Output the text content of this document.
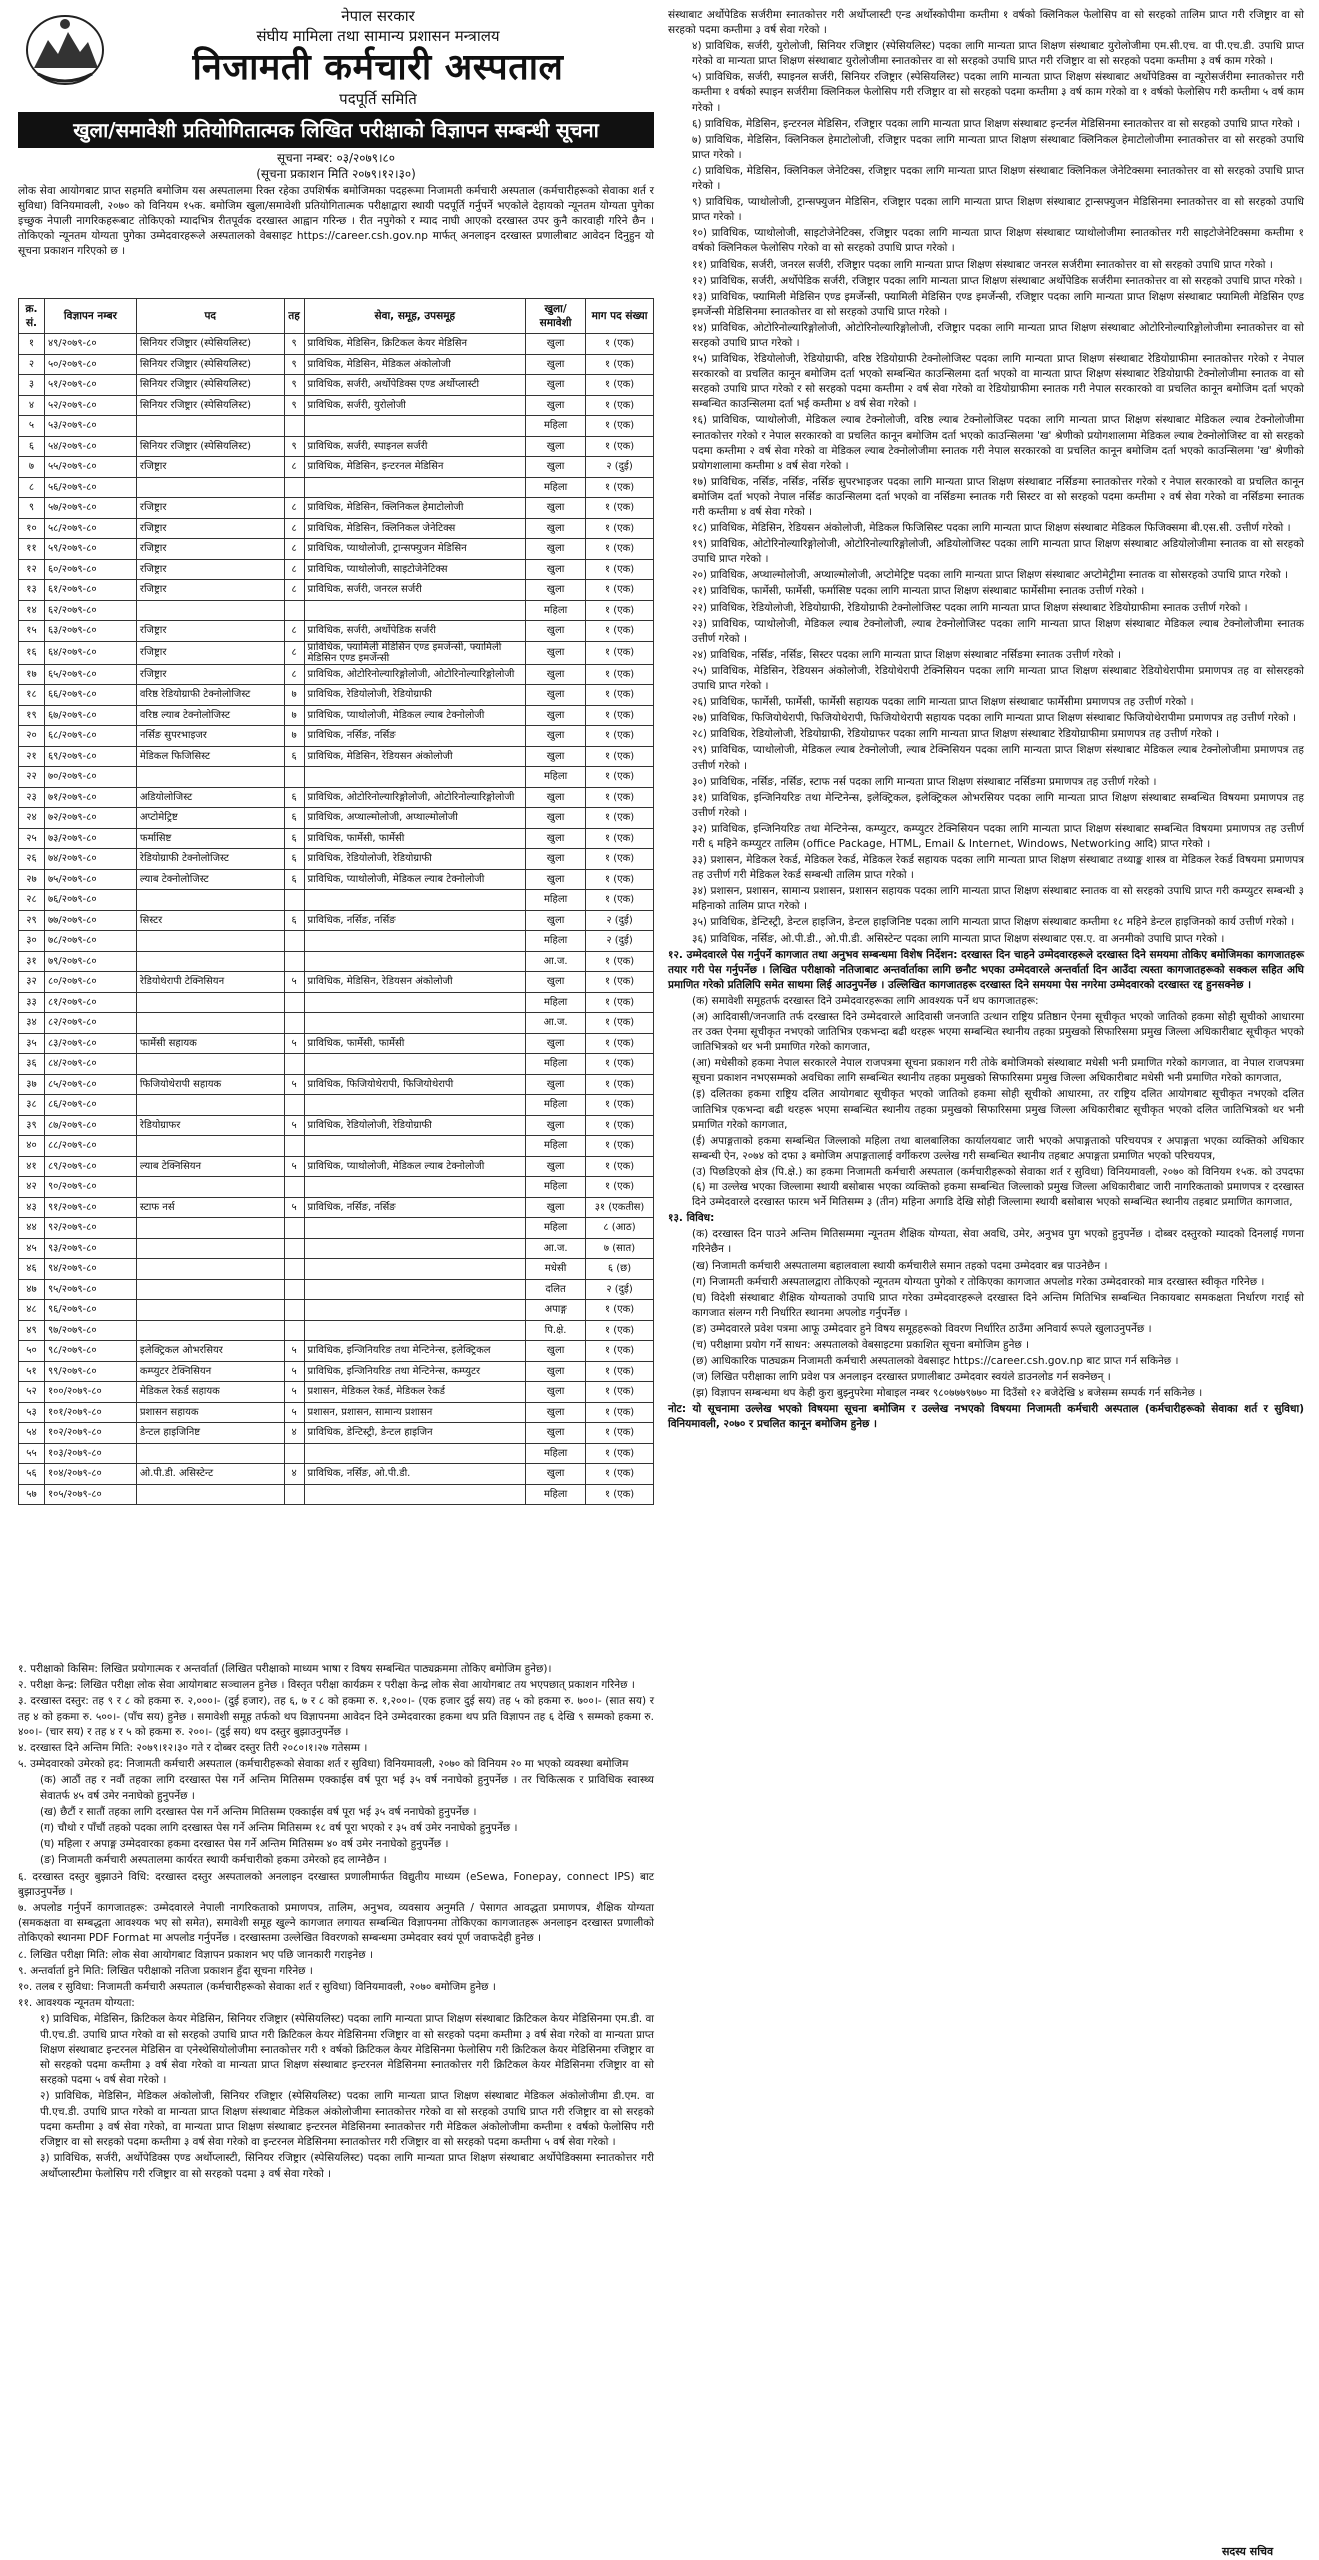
नेपाल सरकार
संघीय मामिला तथा सामान्य प्रशासन मन्त्रालय
निजामती कर्मचारी अस्पताल
पदपूर्ति समिति
खुला/समावेशी प्रतियोगितात्मक लिखित परीक्षाको विज्ञापन सम्बन्धी सूचना
सूचना नम्बर: ०३/२०७९।८०
(सूचना प्रकाशन मिति २०७९।१२।३०)

लोक सेवा आयोगबाट प्राप्त सहमति बमोजिम यस अस्पतालमा रिक्त रहेका उपशिर्षक बमोजिमका पदहरूमा निजामती कर्मचारी अस्पताल (कर्मचारीहरूको सेवाका शर्त र सुविधा) विनियमावली, २०७० को विनियम १५क. बमोजिम खुला/समावेशी प्रतियोगितात्मक परीक्षाद्वारा स्थायी पदपूर्ति गर्नुपर्ने भएकोले देहायको न्यूनतम योग्यता पुगेका इच्छुक नेपाली नागरिकहरूबाट तोकिएको म्यादभित्र रीतपूर्वक दरखास्त आह्वान गरिन्छ । रीत नपुगेको र म्याद नाघी आएको दरखास्त उपर कुनै कारवाही गरिने छैन । तोकिएको न्यूनतम योग्यता पुगेका उम्मेदवारहरूले अस्पतालको वेबसाइट https://career.csh.gov.np मार्फत् अनलाइन दरखास्त प्रणालीबाट आवेदन दिनुहुन यो सूचना प्रकाशन गरिएको छ ।

क्र. सं.	विज्ञापन नम्बर	पद	तह	सेवा, समूह, उपसमूह	खुला/ समावेशी	माग पद संख्या
१	४९/२०७९-८०	सिनियर रजिष्ट्रार (स्पेसियलिस्ट)	९	प्राविधिक, मेडिसिन, क्रिटिकल केयर मेडिसिन	खुला	१ (एक)
२	५०/२०७९-८०	सिनियर रजिष्ट्रार (स्पेसियलिस्ट)	९	प्राविधिक, मेडिसिन, मेडिकल अंकोलोजी	खुला	१ (एक)
३	५१/२०७९-८०	सिनियर रजिष्ट्रार (स्पेसियलिस्ट)	९	प्राविधिक, सर्जरी, अर्थोपेडिक्स एण्ड अर्थोप्लास्टी	खुला	१ (एक)
४	५२/२०७९-८०	सिनियर रजिष्ट्रार (स्पेसियलिस्ट)	९	प्राविधिक, सर्जरी, युरोलोजी	खुला	१ (एक)
५	५३/२०७९-८०				महिला	१ (एक)
६	५४/२०७९-८०	सिनियर रजिष्ट्रार (स्पेसियलिस्ट)	९	प्राविधिक, सर्जरी, स्पाइनल सर्जरी	खुला	१ (एक)
७	५५/२०७९-८०	रजिष्ट्रार	८	प्राविधिक, मेडिसिन, इन्टरनल मेडिसिन	खुला	२ (दुई)
८	५६/२०७९-८०				महिला	१ (एक)
९	५७/२०७९-८०	रजिष्ट्रार	८	प्राविधिक, मेडिसिन, क्लिनिकल हेमाटोलोजी	खुला	१ (एक)
१०	५८/२०७९-८०	रजिष्ट्रार	८	प्राविधिक, मेडिसिन, क्लिनिकल जेनेटिक्स	खुला	१ (एक)
११	५९/२०७९-८०	रजिष्ट्रार	८	प्राविधिक, प्याथोलोजी, ट्रान्सफ्युजन मेडिसिन	खुला	१ (एक)
१२	६०/२०७९-८०	रजिष्ट्रार	८	प्राविधिक, प्याथोलोजी, साइटोजेनेटिक्स	खुला	१ (एक)
१३	६१/२०७९-८०	रजिष्ट्रार	८	प्राविधिक, सर्जरी, जनरल सर्जरी	खुला	१ (एक)
१४	६२/२०७९-८०				महिला	१ (एक)
१५	६३/२०७९-८०	रजिष्ट्रार	८	प्राविधिक, सर्जरी, अर्थोपेडिक सर्जरी	खुला	१ (एक)
१६	६४/२०७९-८०	रजिष्ट्रार	८	प्राविधिक, फ्यामिली मेडिसिन एण्ड इमर्जेन्सी, फ्यामिली मेडिसिन एण्ड इमर्जेन्सी	खुला	१ (एक)
१७	६५/२०७९-८०	रजिष्ट्रार	८	प्राविधिक, ओटोरिनोल्यारिङ्गोलोजी, ओटोरिनोल्यारिङ्गोलोजी	खुला	१ (एक)
१८	६६/२०७९-८०	वरिष्ठ रेडियोग्राफी टेक्नोलोजिस्ट	७	प्राविधिक, रेडियोलोजी, रेडियोग्राफी	खुला	१ (एक)
१९	६७/२०७९-८०	वरिष्ठ ल्याब टेक्नोलोजिस्ट	७	प्राविधिक, प्याथोलोजी, मेडिकल ल्याब टेक्नोलोजी	खुला	१ (एक)
२०	६८/२०७९-८०	नर्सिङ सुपरभाइजर	७	प्राविधिक, नर्सिङ, नर्सिङ	खुला	१ (एक)
२१	६९/२०७९-८०	मेडिकल फिजिसिस्ट	६	प्राविधिक, मेडिसिन, रेडियसन अंकोलोजी	खुला	१ (एक)
२२	७०/२०७९-८०				महिला	१ (एक)
२३	७१/२०७९-८०	अडियोलोजिस्ट	६	प्राविधिक, ओटोरिनोल्यारिङ्गोलोजी, ओटोरिनोल्यारिङ्गोलोजी	खुला	१ (एक)
२४	७२/२०७९-८०	अप्टोमेट्रिष्ट	६	प्राविधिक, अप्थाल्मोलोजी, अप्थाल्मोलोजी	खुला	१ (एक)
२५	७३/२०७९-८०	फर्मासिष्ट	६	प्राविधिक, फार्मेसी, फार्मेसी	खुला	१ (एक)
२६	७४/२०७९-८०	रेडियोग्राफी टेक्नोलोजिस्ट	६	प्राविधिक, रेडियोलोजी, रेडियोग्राफी	खुला	१ (एक)
२७	७५/२०७९-८०	ल्याब टेक्नोलोजिस्ट	६	प्राविधिक, प्याथोलोजी, मेडिकल ल्याब टेक्नोलोजी	खुला	१ (एक)
२८	७६/२०७९-८०				महिला	१ (एक)
२९	७७/२०७९-८०	सिस्टर	६	प्राविधिक, नर्सिङ, नर्सिङ	खुला	२ (दुई)
३०	७८/२०७९-८०				महिला	२ (दुई)
३१	७९/२०७९-८०				आ.ज.	१ (एक)
३२	८०/२०७९-८०	रेडियोथेरापी टेक्निसियन	५	प्राविधिक, मेडिसिन, रेडियसन अंकोलोजी	खुला	१ (एक)
३३	८१/२०७९-८०				महिला	१ (एक)
३४	८२/२०७९-८०				आ.ज.	१ (एक)
३५	८३/२०७९-८०	फार्मेसी सहायक	५	प्राविधिक, फार्मेसी, फार्मेसी	खुला	१ (एक)
३६	८४/२०७९-८०				महिला	१ (एक)
३७	८५/२०७९-८०	फिजियोथेरापी सहायक	५	प्राविधिक, फिजियोथेरापी, फिजियोथेरापी	खुला	१ (एक)
३८	८६/२०७९-८०				महिला	१ (एक)
३९	८७/२०७९-८०	रेडियोग्राफर	५	प्राविधिक, रेडियोलोजी, रेडियोग्राफी	खुला	१ (एक)
४०	८८/२०७९-८०				महिला	१ (एक)
४१	८९/२०७९-८०	ल्याब टेक्निसियन	५	प्राविधिक, प्याथोलोजी, मेडिकल ल्याब टेक्नोलोजी	खुला	१ (एक)
४२	९०/२०७९-८०				महिला	१ (एक)
४३	९१/२०७९-८०	स्टाफ नर्स	५	प्राविधिक, नर्सिङ, नर्सिङ	खुला	३१ (एकतीस)
४४	९२/२०७९-८०				महिला	८ (आठ)
४५	९३/२०७९-८०				आ.ज.	७ (सात)
४६	९४/२०७९-८०				मधेसी	६ (छ)
४७	९५/२०७९-८०				दलित	२ (दुई)
४८	९६/२०७९-८०				अपाङ्ग	१ (एक)
४९	९७/२०७९-८०				पि.क्षे.	१ (एक)
५०	९८/२०७९-८०	इलेक्ट्रिकल ओभरसियर	५	प्राविधिक, इन्जिनियरिङ तथा मेन्टिनेन्स, इलेक्ट्रिकल	खुला	१ (एक)
५१	९९/२०७९-८०	कम्प्युटर टेक्निसियन	५	प्राविधिक, इन्जिनियरिङ तथा मेन्टिनेन्स, कम्प्युटर	खुला	१ (एक)
५२	१००/२०७९-८०	मेडिकल रेकर्ड सहायक	५	प्रशासन, मेडिकल रेकर्ड, मेडिकल रेकर्ड	खुला	१ (एक)
५३	१०१/२०७९-८०	प्रशासन सहायक	५	प्रशासन, प्रशासन, सामान्य प्रशासन	खुला	१ (एक)
५४	१०२/२०७९-८०	डेन्टल हाइजिनिष्ट	४	प्राविधिक, डेन्टिस्ट्री, डेन्टल हाइजिन	खुला	१ (एक)
५५	१०३/२०७९-८०				महिला	१ (एक)
५६	१०४/२०७९-८०	ओ.पी.डी. असिस्टेन्ट	४	प्राविधिक, नर्सिङ, ओ.पी.डी.	खुला	१ (एक)
५७	१०५/२०७९-८०				महिला	१ (एक)

१. परीक्षाको किसिम: लिखित प्रयोगात्मक र अन्तर्वार्ता (लिखित परीक्षाको माध्यम भाषा र विषय सम्बन्धित पाठ्यक्रममा तोकिए बमोजिम हुनेछ)।

२. परीक्षा केन्द्र: लिखित परीक्षा लोक सेवा आयोगबाट सञ्चालन हुनेछ । विस्तृत परीक्षा कार्यक्रम र परीक्षा केन्द्र लोक सेवा आयोगबाट तय भएपछात् प्रकाशन गरिनेछ ।

३. दरखास्त दस्तुर: तह ९ र ८ को हकमा रु. २,०००।- (दुई हजार), तह ६, ७ र ८ को हकमा रु. १,२००।- (एक हजार दुई सय) तह ५ को हकमा रु. ७००।- (सात सय) र तह ४ को हकमा रु. ५००।- (पाँच सय) हुनेछ । समावेशी समूह तर्फको थप विज्ञापनमा आवेदन दिने उम्मेदवारका हकमा थप प्रति विज्ञापन तह ६ देखि ९ सम्मको हकमा रु. ४००।- (चार सय) र तह ४ र ५ को हकमा रु. २००।- (दुई सय) थप दस्तुर बुझाउनुपर्नेछ ।

४. दरखास्त दिने अन्तिम मिति: २०७९।१२।३० गते र दोब्बर दस्तुर तिरी २०८०।१।२७ गतेसम्म ।

५. उम्मेदवारको उमेरको हद: निजामती कर्मचारी अस्पताल (कर्मचारीहरूको सेवाका शर्त र सुविधा) विनियमावली, २०७० को विनियम २० मा भएको व्यवस्था बमोजिम

(क) आठौं तह र नवौं तहका लागि दरखास्त पेस गर्ने अन्तिम मितिसम्म एक्काईस वर्ष पूरा भई ३५ वर्ष ननाघेको हुनुपर्नेछ । तर चिकित्सक र प्राविधिक स्वास्थ्य सेवातर्फ ४५ वर्ष उमेर ननाघेको हुनुपर्नेछ ।

(ख) छैटौं र सातौं तहका लागि दरखास्त पेस गर्ने अन्तिम मितिसम्म एक्काईस वर्ष पूरा भई ३५ वर्ष ननाघेको हुनुपर्नेछ ।

(ग) चौथो र पाँचौं तहको पदका लागि दरखास्त पेस गर्ने अन्तिम मितिसम्म १८ वर्ष पूरा भएको र ३५ वर्ष उमेर ननाघेको हुनुपर्नेछ ।

(घ) महिला र अपाङ्ग उम्मेदवारका हकमा दरखास्त पेस गर्ने अन्तिम मितिसम्म ४० वर्ष उमेर ननाघेको हुनुपर्नेछ ।

(ङ) निजामती कर्मचारी अस्पतालमा कार्यरत स्थायी कर्मचारीको हकमा उमेरको हद लाग्नेछैन ।

६. दरखास्त दस्तुर बुझाउने विधि: दरखास्त दस्तुर अस्पतालको अनलाइन दरखास्त प्रणालीमार्फत विद्युतीय माध्यम (eSewa, Fonepay, connect IPS) बाट बुझाउनुपर्नेछ ।

७. अपलोड गर्नुपर्ने कागजातहरू: उम्मेदवारले नेपाली नागरिकताको प्रमाणपत्र, तालिम, अनुभव, व्यवसाय अनुमति / पेसागत आवद्धता प्रमाणपत्र, शैक्षिक योग्यता (समकक्षता वा सम्बद्धता आवश्यक भए सो समेत), समावेशी समूह खुल्ने कागजात लगायत सम्बन्धित विज्ञापनमा तोकिएका कागजातहरू अनलाइन दरखास्त प्रणालीको तोकिएको स्थानमा PDF Format मा अपलोड गर्नुपर्नेछ । दरखास्तमा उल्लेखित विवरणको सम्बन्धमा उम्मेदवार स्वयं पूर्ण जवाफदेही हुनेछ ।

८. लिखित परीक्षा मिति: लोक सेवा आयोगबाट विज्ञापन प्रकाशन भए पछि जानकारी गराइनेछ ।

९. अन्तर्वार्ता हुने मिति: लिखित परीक्षाको नतिजा प्रकाशन हुँदा सूचना गरिनेछ ।

१०. तलब र सुविधा: निजामती कर्मचारी अस्पताल (कर्मचारीहरूको सेवाका शर्त र सुविधा) विनियमावली, २०७० बमोजिम हुनेछ ।

११. आवश्यक न्यूनतम योग्यता:

१) प्राविधिक, मेडिसिन, क्रिटिकल केयर मेडिसिन, सिनियर रजिष्ट्रार (स्पेसियलिस्ट) पदका लागि मान्यता प्राप्त शिक्षण संस्थाबाट क्रिटिकल केयर मेडिसिनमा एम.डी. वा पी.एच.डी. उपाधि प्राप्त गरेको वा सो सरहको उपाधि प्राप्त गरी क्रिटिकल केयर मेडिसिनमा रजिष्ट्रार वा सो सरहको पदमा कम्तीमा ३ वर्ष सेवा गरेको वा मान्यता प्राप्त शिक्षण संस्थाबाट इन्टरनल मेडिसिन वा एनेस्थेसियोलोजीमा स्नातकोत्तर गरी १ वर्षको क्रिटिकल केयर मेडिसिनमा फेलोसिप गरी क्रिटिकल केयर मेडिसिनमा रजिष्ट्रार वा सो सरहको पदमा कम्तीमा ३ वर्ष सेवा गरेको वा मान्यता प्राप्त शिक्षण संस्थाबाट इन्टरनल मेडिसिनमा स्नातकोत्तर गरी क्रिटिकल केयर मेडिसिनमा रजिष्ट्रार वा सो सरहको पदमा ५ वर्ष सेवा गरेको ।

२) प्राविधिक, मेडिसिन, मेडिकल अंकोलोजी, सिनियर रजिष्ट्रार (स्पेसियलिस्ट) पदका लागि मान्यता प्राप्त शिक्षण संस्थाबाट मेडिकल अंकोलोजीमा डी.एम. वा पी.एच.डी. उपाधि प्राप्त गरेको वा मान्यता प्राप्त शिक्षण संस्थाबाट मेडिकल अंकोलोजीमा स्नातकोत्तर गरेको वा सो सरहको उपाधि प्राप्त गरी रजिष्ट्रार वा सो सरहको पदमा कम्तीमा ३ वर्ष सेवा गरेको, वा मान्यता प्राप्त शिक्षण संस्थाबाट इन्टरनल मेडिसिनमा स्नातकोत्तर गरी मेडिकल अंकोलोजीमा कम्तीमा १ वर्षको फेलोसिप गरी रजिष्ट्रार वा सो सरहको पदमा कम्तीमा ३ वर्ष सेवा गरेको वा इन्टरनल मेडिसिनमा स्नातकोत्तर गरी रजिष्ट्रार वा सो सरहको पदमा कम्तीमा ५ वर्ष सेवा गरेको ।

३) प्राविधिक, सर्जरी, अर्थोपेडिक्स एण्ड अर्थोप्लास्टी, सिनियर रजिष्ट्रार (स्पेसियलिस्ट) पदका लागि मान्यता प्राप्त शिक्षण संस्थाबाट अर्थोपेडिक्समा स्नातकोत्तर गरी अर्थोप्लास्टीमा फेलोसिप गरी रजिष्ट्रार वा सो सरहको पदमा ३ वर्ष सेवा गरेको ।

संस्थाबाट अर्थोपेडिक सर्जरीमा स्नातकोत्तर गरी अर्थोप्लास्टी एन्ड अर्थोस्कोपीमा कम्तीमा १ वर्षको क्लिनिकल फेलोसिप वा सो सरहको तालिम प्राप्त गरी रजिष्ट्रार वा सो सरहको पदमा कम्तीमा ३ वर्ष सेवा गरेको ।

४) प्राविधिक, सर्जरी, युरोलोजी, सिनियर रजिष्ट्रार (स्पेसियलिस्ट) पदका लागि मान्यता प्राप्त शिक्षण संस्थाबाट युरोलोजीमा एम.सी.एच. वा पी.एच.डी. उपाधि प्राप्त गरेको वा मान्यता प्राप्त शिक्षण संस्थाबाट युरोलोजीमा स्नातकोत्तर वा सो सरहको उपाधि प्राप्त गरी रजिष्ट्रार वा सो सरहको पदमा कम्तीमा ३ वर्ष काम गरेको ।

५) प्राविधिक, सर्जरी, स्पाइनल सर्जरी, सिनियर रजिष्ट्रार (स्पेसियलिस्ट) पदका लागि मान्यता प्राप्त शिक्षण संस्थाबाट अर्थोपेडिक्स वा न्यूरोसर्जरीमा स्नातकोत्तर गरी कम्तीमा १ वर्षको स्पाइन सर्जरीमा क्लिनिकल फेलोसिप गरी रजिष्ट्रार वा सो सरहको पदमा कम्तीमा ३ वर्ष काम गरेको वा १ वर्षको फेलोसिप गरी कम्तीमा ५ वर्ष काम गरेको ।

६) प्राविधिक, मेडिसिन, इन्टरनल मेडिसिन, रजिष्ट्रार पदका लागि मान्यता प्राप्त शिक्षण संस्थाबाट इन्टर्नल मेडिसिनमा स्नातकोत्तर वा सो सरहको उपाधि प्राप्त गरेको ।

७) प्राविधिक, मेडिसिन, क्लिनिकल हेमाटोलोजी, रजिष्ट्रार पदका लागि मान्यता प्राप्त शिक्षण संस्थाबाट क्लिनिकल हेमाटोलोजीमा स्नातकोत्तर वा सो सरहको उपाधि प्राप्त गरेको ।

८) प्राविधिक, मेडिसिन, क्लिनिकल जेनेटिक्स, रजिष्ट्रार पदका लागि मान्यता प्राप्त शिक्षण संस्थाबाट क्लिनिकल जेनेटिक्समा स्नातकोत्तर वा सो सरहको उपाधि प्राप्त गरेको ।

९) प्राविधिक, प्याथोलोजी, ट्रान्सफ्युजन मेडिसिन, रजिष्ट्रार पदका लागि मान्यता प्राप्त शिक्षण संस्थाबाट ट्रान्सफ्युजन मेडिसिनमा स्नातकोत्तर वा सो सरहको उपाधि प्राप्त गरेको ।

१०) प्राविधिक, प्याथोलोजी, साइटोजेनेटिक्स, रजिष्ट्रार पदका लागि मान्यता प्राप्त शिक्षण संस्थाबाट प्याथोलोजीमा स्नातकोत्तर गरी साइटोजेनेटिक्समा कम्तीमा १ वर्षको क्लिनिकल फेलोसिप गरेको वा सो सरहको उपाधि प्राप्त गरेको ।

११) प्राविधिक, सर्जरी, जनरल सर्जरी, रजिष्ट्रार पदका लागि मान्यता प्राप्त शिक्षण संस्थाबाट जनरल सर्जरीमा स्नातकोत्तर वा सो सरहको उपाधि प्राप्त गरेको ।

१२) प्राविधिक, सर्जरी, अर्थोपेडिक सर्जरी, रजिष्ट्रार पदका लागि मान्यता प्राप्त शिक्षण संस्थाबाट अर्थोपेडिक सर्जरीमा स्नातकोत्तर वा सो सरहको उपाधि प्राप्त गरेको ।

१३) प्राविधिक, फ्यामिली मेडिसिन एण्ड इमर्जेन्सी, फ्यामिली मेडिसिन एण्ड इमर्जेन्सी, रजिष्ट्रार पदका लागि मान्यता प्राप्त शिक्षण संस्थाबाट फ्यामिली मेडिसिन एण्ड इमर्जेन्सी मेडिसिनमा स्नातकोत्तर वा सो सरहको उपाधि प्राप्त गरेको ।

१४) प्राविधिक, ओटोरिनोल्यारिङ्गोलोजी, ओटोरिनोल्यारिङ्गोलोजी, रजिष्ट्रार पदका लागि मान्यता प्राप्त शिक्षण संस्थाबाट ओटोरिनोल्यारिङ्गोलोजीमा स्नातकोत्तर वा सो सरहको उपाधि प्राप्त गरेको ।

१५) प्राविधिक, रेडियोलोजी, रेडियोग्राफी, वरिष्ठ रेडियोग्राफी टेक्नोलोजिस्ट पदका लागि मान्यता प्राप्त शिक्षण संस्थाबाट रेडियोग्राफीमा स्नातकोत्तर गरेको र नेपाल सरकारको वा प्रचलित कानून बमोजिम दर्ता भएको सम्बन्धित काउन्सिलमा दर्ता भएको वा मान्यता प्राप्त शिक्षण संस्थाबाट रेडियोग्राफी टेक्नोलोजीमा स्नातक वा सो सरहको उपाधि प्राप्त गरेको र सो सरहको पदमा कम्तीमा २ वर्ष सेवा गरेको वा रेडियोग्राफीमा स्नातक गरी नेपाल सरकारको वा प्रचलित कानून बमोजिम दर्ता भएको सम्बन्धित काउन्सिलमा दर्ता भई कम्तीमा ४ वर्ष सेवा गरेको ।

१६) प्राविधिक, प्याथोलोजी, मेडिकल ल्याब टेक्नोलोजी, वरिष्ठ ल्याब टेक्नोलोजिस्ट पदका लागि मान्यता प्राप्त शिक्षण संस्थाबाट मेडिकल ल्याब टेक्नोलोजीमा स्नातकोत्तर गरेको र नेपाल सरकारको वा प्रचलित कानून बमोजिम दर्ता भएको काउन्सिलमा 'ख' श्रेणीको प्रयोगशालामा मेडिकल ल्याब टेक्नोलोजिस्ट वा सो सरहको पदमा कम्तीमा २ वर्ष सेवा गरेको वा मेडिकल ल्याब टेक्नोलोजीमा स्नातक गरी नेपाल सरकारको वा प्रचलित कानून बमोजिम दर्ता भएको काउन्सिलमा 'ख' श्रेणीको प्रयोगशालामा कम्तीमा ४ वर्ष सेवा गरेको ।

१७) प्राविधिक, नर्सिङ, नर्सिङ, नर्सिङ सुपरभाइजर पदका लागि मान्यता प्राप्त शिक्षण संस्थाबाट नर्सिङमा स्नातकोत्तर गरेको र नेपाल सरकारको वा प्रचलित कानून बमोजिम दर्ता भएको नेपाल नर्सिङ काउन्सिलमा दर्ता भएको वा नर्सिङमा स्नातक गरी सिस्टर वा सो सरहको पदमा कम्तीमा २ वर्ष सेवा गरेको वा नर्सिङमा स्नातक गरी कम्तीमा ४ वर्ष सेवा गरेको ।

१८) प्राविधिक, मेडिसिन, रेडियसन अंकोलोजी, मेडिकल फिजिसिस्ट पदका लागि मान्यता प्राप्त शिक्षण संस्थाबाट मेडिकल फिजिक्समा बी.एस.सी. उत्तीर्ण गरेको ।

१९) प्राविधिक, ओटोरिनोल्यारिङ्गोलोजी, ओटोरिनोल्यारिङ्गोलोजी, अडियोलोजिस्ट पदका लागि मान्यता प्राप्त शिक्षण संस्थाबाट अडियोलोजीमा स्नातक वा सो सरहको उपाधि प्राप्त गरेको ।

२०) प्राविधिक, अप्थाल्मोलोजी, अप्थाल्मोलोजी, अप्टोमेट्रिष्ट पदका लागि मान्यता प्राप्त शिक्षण संस्थाबाट अप्टोमेट्रीमा स्नातक वा सोसरहको उपाधि प्राप्त गरेको ।

२१) प्राविधिक, फार्मेसी, फार्मेसी, फर्मासिष्ट पदका लागि मान्यता प्राप्त शिक्षण संस्थाबाट फार्मेसीमा स्नातक उत्तीर्ण गरेको ।

२२) प्राविधिक, रेडियोलोजी, रेडियोग्राफी, रेडियोग्राफी टेक्नोलोजिस्ट पदका लागि मान्यता प्राप्त शिक्षण संस्थाबाट रेडियोग्राफीमा स्नातक उत्तीर्ण गरेको ।

२३) प्राविधिक, प्याथोलोजी, मेडिकल ल्याब टेक्नोलोजी, ल्याब टेक्नोलोजिस्ट पदका लागि मान्यता प्राप्त शिक्षण संस्थाबाट मेडिकल ल्याब टेक्नोलोजीमा स्नातक उत्तीर्ण गरेको ।

२४) प्राविधिक, नर्सिङ, नर्सिङ, सिस्टर पदका लागि मान्यता प्राप्त शिक्षण संस्थाबाट नर्सिङमा स्नातक उत्तीर्ण गरेको ।

२५) प्राविधिक, मेडिसिन, रेडियसन अंकोलोजी, रेडियोथेरापी टेक्निसियन पदका लागि मान्यता प्राप्त शिक्षण संस्थाबाट रेडियोथेरापीमा प्रमाणपत्र तह वा सोसरहको उपाधि प्राप्त गरेको ।

२६) प्राविधिक, फार्मेसी, फार्मेसी, फार्मेसी सहायक पदका लागि मान्यता प्राप्त शिक्षण संस्थाबाट फार्मेसीमा प्रमाणपत्र तह उत्तीर्ण गरेको ।

२७) प्राविधिक, फिजियोथेरापी, फिजियोथेरापी, फिजियोथेरापी सहायक पदका लागि मान्यता प्राप्त शिक्षण संस्थाबाट फिजियोथेरापीमा प्रमाणपत्र तह उत्तीर्ण गरेको ।

२८) प्राविधिक, रेडियोलोजी, रेडियोग्राफी, रेडियोग्राफर पदका लागि मान्यता प्राप्त शिक्षण संस्थाबाट रेडियोग्राफीमा प्रमाणपत्र तह उत्तीर्ण गरेको ।

२९) प्राविधिक, प्याथोलोजी, मेडिकल ल्याब टेक्नोलोजी, ल्याब टेक्निसियन पदका लागि मान्यता प्राप्त शिक्षण संस्थाबाट मेडिकल ल्याब टेक्नोलोजीमा प्रमाणपत्र तह उत्तीर्ण गरेको ।

३०) प्राविधिक, नर्सिङ, नर्सिङ, स्टाफ नर्स पदका लागि मान्यता प्राप्त शिक्षण संस्थाबाट नर्सिङमा प्रमाणपत्र तह उत्तीर्ण गरेको ।

३१) प्राविधिक, इन्जिनियरिङ तथा मेन्टिनेन्स, इलेक्ट्रिकल, इलेक्ट्रिकल ओभरसियर पदका लागि मान्यता प्राप्त शिक्षण संस्थाबाट सम्बन्धित विषयमा प्रमाणपत्र तह उत्तीर्ण गरेको ।

३२) प्राविधिक, इन्जिनियरिङ तथा मेन्टिनेन्स, कम्प्युटर, कम्प्युटर टेक्निसियन पदका लागि मान्यता प्राप्त शिक्षण संस्थाबाट सम्बन्धित विषयमा प्रमाणपत्र तह उत्तीर्ण गरी ६ महिने कम्प्युटर तालिम (office Package, HTML, Email & Internet, Windows, Networking आदि) प्राप्त गरेको ।

३३) प्रशासन, मेडिकल रेकर्ड, मेडिकल रेकर्ड, मेडिकल रेकर्ड सहायक पदका लागि मान्यता प्राप्त शिक्षण संस्थाबाट तथ्याङ्क शास्त्र वा मेडिकल रेकर्ड विषयमा प्रमाणपत्र तह उत्तीर्ण गरी मेडिकल रेकर्ड सम्बन्धी तालिम प्राप्त गरेको ।

३४) प्रशासन, प्रशासन, सामान्य प्रशासन, प्रशासन सहायक पदका लागि मान्यता प्राप्त शिक्षण संस्थाबाट स्नातक वा सो सरहको उपाधि प्राप्त गरी कम्प्युटर सम्बन्धी ३ महिनाको तालिम प्राप्त गरेको ।

३५) प्राविधिक, डेन्टिस्ट्री, डेन्टल हाइजिन, डेन्टल हाइजिनिष्ट पदका लागि मान्यता प्राप्त शिक्षण संस्थाबाट कम्तीमा १८ महिने डेन्टल हाइजिनको कार्य उत्तीर्ण गरेको ।

३६) प्राविधिक, नर्सिङ, ओ.पी.डी., ओ.पी.डी. असिस्टेन्ट पदका लागि मान्यता प्राप्त शिक्षण संस्थाबाट एस.ए. वा अनमीको उपाधि प्राप्त गरेको ।

१२. उम्मेदवारले पेस गर्नुपर्ने कागजात तथा अनुभव सम्बन्धमा विशेष निर्देशन: दरखास्त दिन चाहने उम्मेदवारहरूले दरखास्त दिने समयमा तोकिए बमोजिमका कागजातहरू तयार गरी पेस गर्नुपर्नेछ । लिखित परीक्षाको नतिजाबाट अन्तर्वार्ताका लागि छनौट भएका उम्मेदवारले अन्तर्वार्ता दिन आउँदा त्यस्ता कागजातहरूको सक्कल सहित अघि प्रमाणित गरेको प्रतिलिपि समेत साथमा लिई आउनुपर्नेछ । उल्लिखित कागजातहरू दरखास्त दिने समयमा पेस नगरेमा उम्मेदवारको दरखास्त रद्द हुनसक्नेछ ।

(क) समावेशी समूहतर्फ दरखास्त दिने उम्मेदवारहरूका लागि आवश्यक पर्ने थप कागजातहरू:

(अ) आदिवासी/जनजाति तर्फ दरखास्त दिने उम्मेदवारले आदिवासी जनजाति उत्थान राष्ट्रिय प्रतिष्ठान ऐनमा सूचीकृत भएको जातिको हकमा सोही सूचीको आधारमा तर उक्त ऐनमा सूचीकृत नभएको जातिभित्र एकभन्दा बढी थरहरू भएमा सम्बन्धित स्थानीय तहका प्रमुखको सिफारिसमा प्रमुख जिल्ला अधिकारीबाट सूचीकृत भएको जातिभित्रको थर भनी प्रमाणित गरेको कागजात,

(आ) मधेसीको हकमा नेपाल सरकारले नेपाल राजपत्रमा सूचना प्रकाशन गरी तोके बमोजिमको संस्थाबाट मधेसी भनी प्रमाणित गरेको कागजात, वा नेपाल राजपत्रमा सूचना प्रकाशन नभएसम्मको अवधिका लागि सम्बन्धित स्थानीय तहका प्रमुखको सिफारिसमा प्रमुख जिल्ला अधिकारीबाट मधेसी भनी प्रमाणित गरेको कागजात,

(इ) दलितका हकमा राष्ट्रिय दलित आयोगबाट सूचीकृत भएको जातिको हकमा सोही सूचीको आधारमा, तर राष्ट्रिय दलित आयोगबाट सूचीकृत नभएको दलित जातिभित्र एकभन्दा बढी थरहरू भएमा सम्बन्धित स्थानीय तहका प्रमुखको सिफारिसमा प्रमुख जिल्ला अधिकारीबाट सूचीकृत भएको दलित जातिभित्रको थर भनी प्रमाणित गरेको कागजात,

(ई) अपाङ्गताको हकमा सम्बन्धित जिल्लाको महिला तथा बालबालिका कार्यालयबाट जारी भएको अपाङ्गताको परिचयपत्र र अपाङ्गता भएका व्यक्तिको अधिकार सम्बन्धी ऐन, २०७४ को दफा ३ बमोजिम अपाङ्गतालाई वर्गीकरण उल्लेख गरी सम्बन्धित स्थानीय तहबाट अपाङ्गता प्रमाणित भएको परिचयपत्र,

(उ) पिछडिएको क्षेत्र (पि.क्षे.) का हकमा निजामती कर्मचारी अस्पताल (कर्मचारीहरूको सेवाका शर्त र सुविधा) विनियमावली, २०७० को विनियम १५क. को उपदफा (६) मा उल्लेख भएका जिल्लामा स्थायी बसोबास भएका व्यक्तिको हकमा सम्बन्धित जिल्लाको प्रमुख जिल्ला अधिकारीबाट जारी नागरिकताको प्रमाणपत्र र दरखास्त दिने उम्मेदवारले दरखास्त फारम भर्ने मितिसम्म ३ (तीन) महिना अगाडि देखि सोही जिल्लामा स्थायी बसोबास भएको सम्बन्धित स्थानीय तहबाट प्रमाणित कागजात,

१३. विविध:

(क) दरखास्त दिन पाउने अन्तिम मितिसम्ममा न्यूनतम शैक्षिक योग्यता, सेवा अवधि, उमेर, अनुभव पुग भएको हुनुपर्नेछ । दोब्बर दस्तुरको म्यादको दिनलाई गणना गरिनेछैन ।

(ख) निजामती कर्मचारी अस्पतालमा बहालवाला स्थायी कर्मचारीले समान तहको पदमा उम्मेदवार बन्न पाउनेछैन ।

(ग) निजामती कर्मचारी अस्पतालद्वारा तोकिएको न्यूनतम योग्यता पुगेको र तोकिएका कागजात अपलोड गरेका उम्मेदवारको मात्र दरखास्त स्वीकृत गरिनेछ ।

(घ) विदेशी संस्थाबाट शैक्षिक योग्यताको उपाधि प्राप्त गरेका उम्मेदवारहरूले दरखास्त दिने अन्तिम मितिभित्र सम्बन्धित निकायबाट समकक्षता निर्धारण गराई सो कागजात संलग्न गरी निर्धारित स्थानमा अपलोड गर्नुपर्नेछ ।

(ङ) उम्मेदवारले प्रवेश पत्रमा आफू उम्मेदवार हुने विषय समूहहरूको विवरण निर्धारित ठाउँमा अनिवार्य रूपले खुलाउनुपर्नेछ ।

(च) परीक्षामा प्रयोग गर्ने साधन: अस्पतालको वेबसाइटमा प्रकाशित सूचना बमोजिम हुनेछ ।

(छ) आधिकारिक पाठ्यक्रम निजामती कर्मचारी अस्पतालको वेबसाइट https://career.csh.gov.np बाट प्राप्त गर्न सकिनेछ ।

(ज) लिखित परीक्षाका लागि प्रवेश पत्र अनलाइन दरखास्त प्रणालीबाट उम्मेदवार स्वयंले डाउनलोड गर्न सक्नेछन् ।

(झ) विज्ञापन सम्बन्धमा थप केही कुरा बुझ्नुपरेमा मोबाइल नम्बर ९८०७७७९७७० मा दिउँसो १२ बजेदेखि ४ बजेसम्म सम्पर्क गर्न सकिनेछ ।

नोट: यो सूचनामा उल्लेख भएको विषयमा सूचना बमोजिम र उल्लेख नभएको विषयमा निजामती कर्मचारी अस्पताल (कर्मचारीहरूको सेवाका शर्त र सुविधा) विनियमावली, २०७० र प्रचलित कानून बमोजिम हुनेछ ।

सदस्य सचिव
